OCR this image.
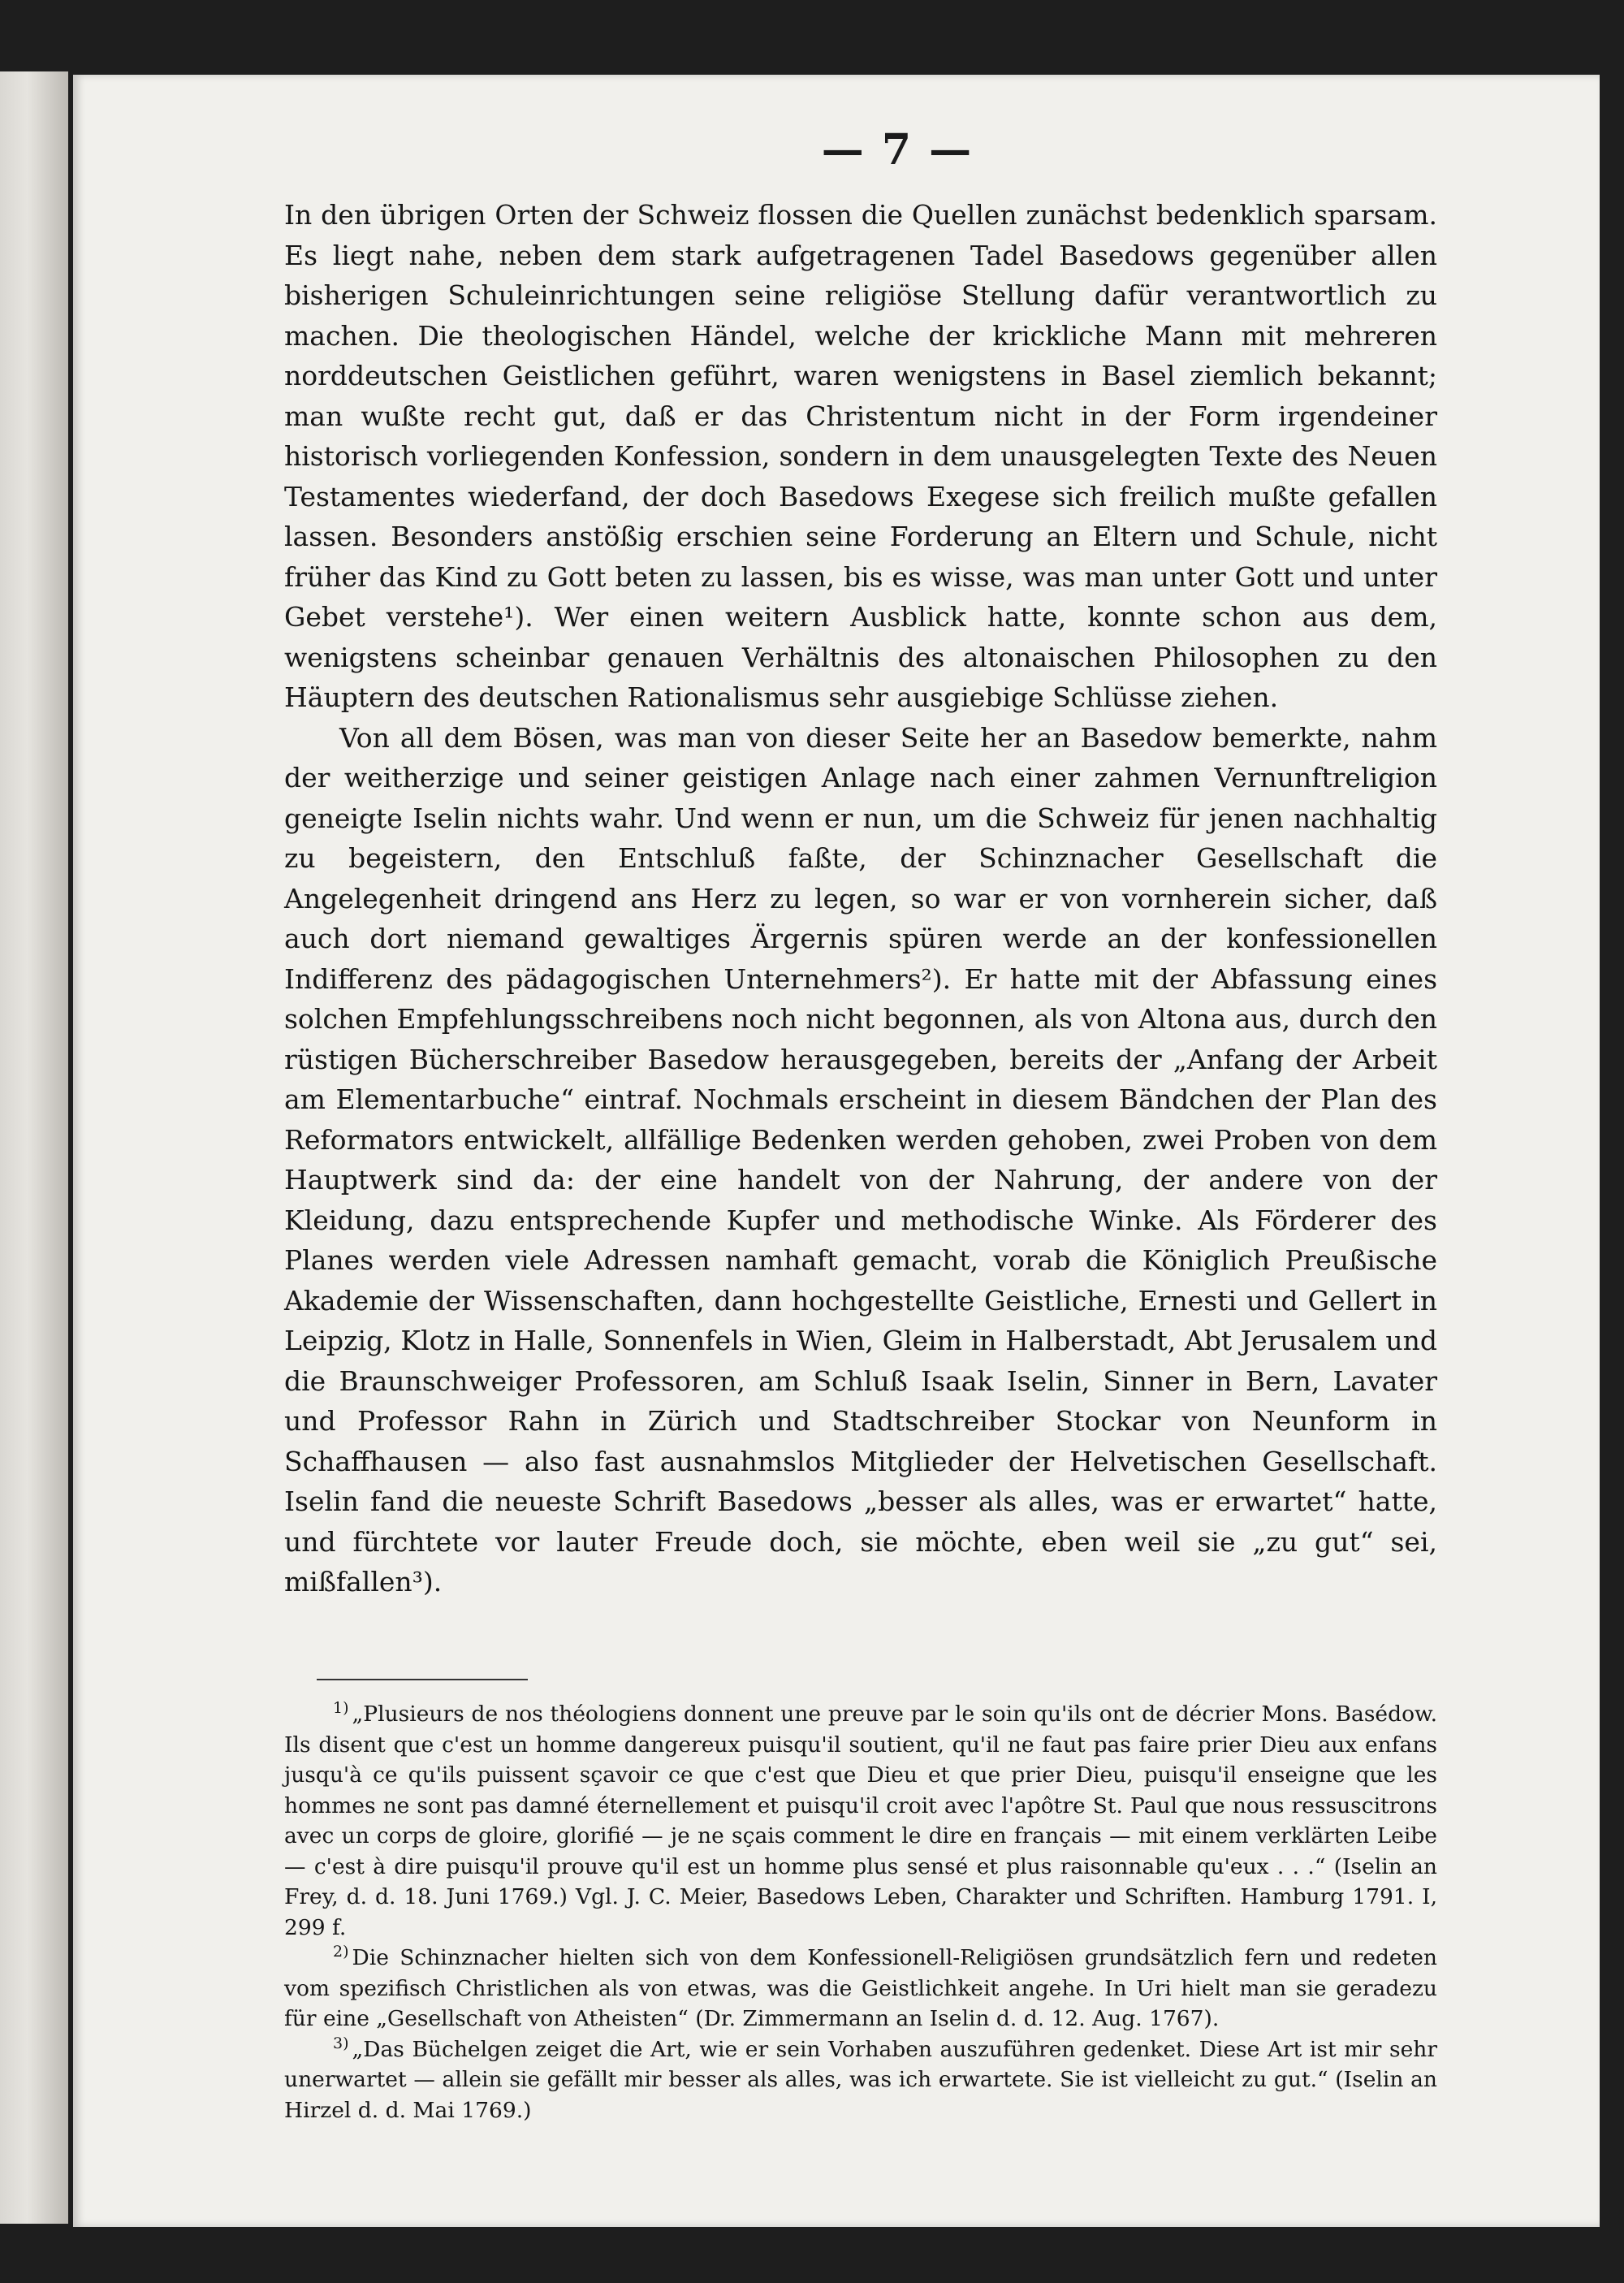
— 7 —

In den übrigen Orten der Schweiz flossen die Quellen zunächst bedenklich sparsam. Es liegt nahe, neben dem stark aufgetragenen Tadel Basedows gegenüber allen bisherigen Schuleinrichtungen seine religiöse Stellung dafür verantwortlich zu machen. Die theologischen Händel, welche der krickliche Mann mit mehreren norddeutschen Geistlichen geführt, waren wenigstens in Basel ziemlich bekannt; man wußte recht gut, daß er das Christentum nicht in der Form irgendeiner historisch vorliegenden Konfession, sondern in dem unausgelegten Texte des Neuen Testamentes wiederfand, der doch Basedows Exegese sich freilich mußte gefallen lassen. Besonders anstößig erschien seine Forderung an Eltern und Schule, nicht früher das Kind zu Gott beten zu lassen, bis es wisse, was man unter Gott und unter Gebet verstehe¹). Wer einen weitern Ausblick hatte, konnte schon aus dem, wenigstens scheinbar genauen Verhältnis des altonaischen Philosophen zu den Häuptern des deutschen Rationalismus sehr ausgiebige Schlüsse ziehen.

Von all dem Bösen, was man von dieser Seite her an Basedow bemerkte, nahm der weitherzige und seiner geistigen Anlage nach einer zahmen Vernunftreligion geneigte Iselin nichts wahr. Und wenn er nun, um die Schweiz für jenen nachhaltig zu begeistern, den Entschluß faßte, der Schinznacher Gesellschaft die Angelegenheit dringend ans Herz zu legen, so war er von vornherein sicher, daß auch dort niemand gewaltiges Ärgernis spüren werde an der konfessionellen Indifferenz des pädagogischen Unternehmers²). Er hatte mit der Abfassung eines solchen Empfehlungsschreibens noch nicht begonnen, als von Altona aus, durch den rüstigen Bücherschreiber Basedow herausgegeben, bereits der „Anfang der Arbeit am Elementarbuche“ eintraf. Nochmals erscheint in diesem Bändchen der Plan des Reformators entwickelt, allfällige Bedenken werden gehoben, zwei Proben von dem Hauptwerk sind da: der eine handelt von der Nahrung, der andere von der Kleidung, dazu entsprechende Kupfer und methodische Winke. Als Förderer des Planes werden viele Adressen namhaft gemacht, vorab die Königlich Preußische Akademie der Wissenschaften, dann hochgestellte Geistliche, Ernesti und Gellert in Leipzig, Klotz in Halle, Sonnenfels in Wien, Gleim in Halberstadt, Abt Jerusalem und die Braunschweiger Professoren, am Schluß Isaak Iselin, Sinner in Bern, Lavater und Professor Rahn in Zürich und Stadtschreiber Stockar von Neunform in Schaffhausen — also fast ausnahmslos Mitglieder der Helvetischen Gesellschaft. Iselin fand die neueste Schrift Basedows „besser als alles, was er erwartet“ hatte, und fürchtete vor lauter Freude doch, sie möchte, eben weil sie „zu gut“ sei, mißfallen³).

$^{1)}$ „Plusieurs de nos théologiens donnent une preuve par le soin qu'ils ont de décrier Mons. Basédow. Ils disent que c'est un homme dangereux puisqu'il soutient, qu'il ne faut pas faire prier Dieu aux enfans jusqu'à ce qu'ils puissent sçavoir ce que c'est que Dieu et que prier Dieu, puisqu'il enseigne que les hommes ne sont pas damné éternellement et puisqu'il croit avec l'apôtre St. Paul que nous ressuscitrons avec un corps de gloire, glorifié — je ne sçais comment le dire en français — mit einem verklärten Leibe — c'est à dire puisqu'il prouve qu'il est un homme plus sensé et plus raisonnable qu'eux . . .“ (Iselin an Frey, d. d. 18. Juni 1769.) Vgl. J. C. Meier, Basedows Leben, Charakter und Schriften. Hamburg 1791. I, 299 f.

$^{2)}$ Die Schinznacher hielten sich von dem Konfessionell-Religiösen grundsätzlich fern und redeten vom spezifisch Christlichen als von etwas, was die Geistlichkeit angehe. In Uri hielt man sie geradezu für eine „Gesellschaft von Atheisten“ (Dr. Zimmermann an Iselin d. d. 12. Aug. 1767).

$^{3)}$ „Das Büchelgen zeiget die Art, wie er sein Vorhaben auszuführen gedenket. Diese Art ist mir sehr unerwartet — allein sie gefällt mir besser als alles, was ich erwartete. Sie ist vielleicht zu gut.“ (Iselin an Hirzel d. d. Mai 1769.)
